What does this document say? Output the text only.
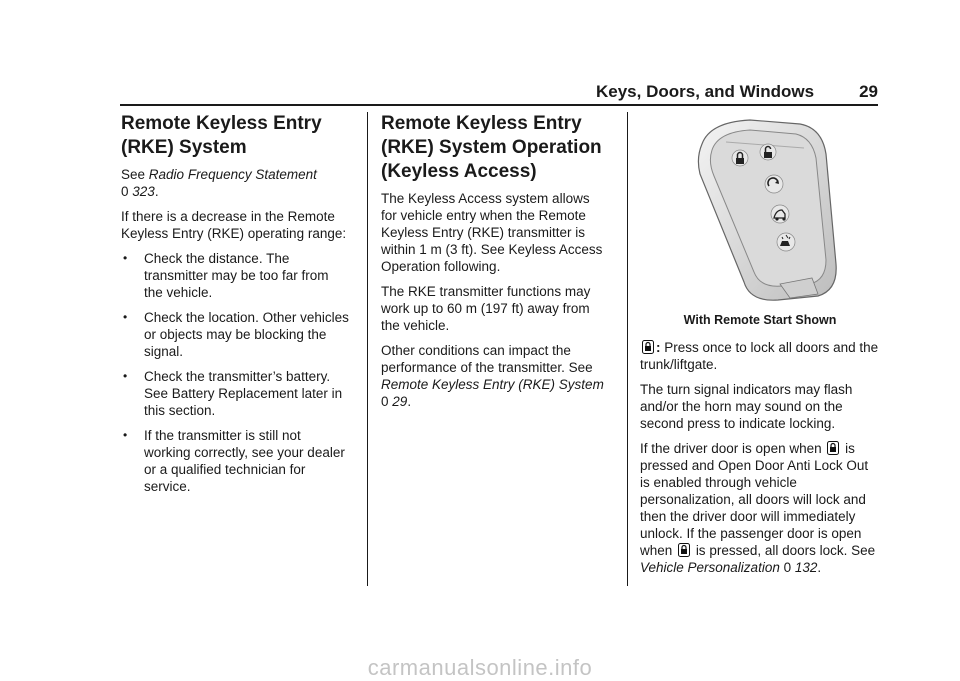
Keys, Doors, and Windows	29
Remote Keyless Entry (RKE) System

See Radio Frequency Statement
0 323.

If there is a decrease in the Remote Keyless Entry (RKE) operating range:

• Check the distance. The transmitter may be too far from the vehicle.
• Check the location. Other vehicles or objects may be blocking the signal.
• Check the transmitter’s battery. See Battery Replacement later in this section.
• If the transmitter is still not working correctly, see your dealer or a qualified technician for service.
Remote Keyless Entry (RKE) System Operation (Keyless Access)

The Keyless Access system allows for vehicle entry when the Remote Keyless Entry (RKE) transmitter is within 1 m (3 ft). See Keyless Access Operation following.

The RKE transmitter functions may work up to 60 m (197 ft) away from the vehicle.

Other conditions can impact the performance of the transmitter. See Remote Keyless Entry (RKE) System 0 29.

With Remote Start Shown

: Press once to lock all doors and the trunk/liftgate.

The turn signal indicators may flash and/or the horn may sound on the second press to indicate locking.

If the driver door is open when is pressed and Open Door Anti Lock Out is enabled through vehicle personalization, all doors will lock and then the driver door will immediately unlock. If the passenger door is open when is pressed, all doors lock. See Vehicle Personalization 0 132.

carmanualsonline.info
